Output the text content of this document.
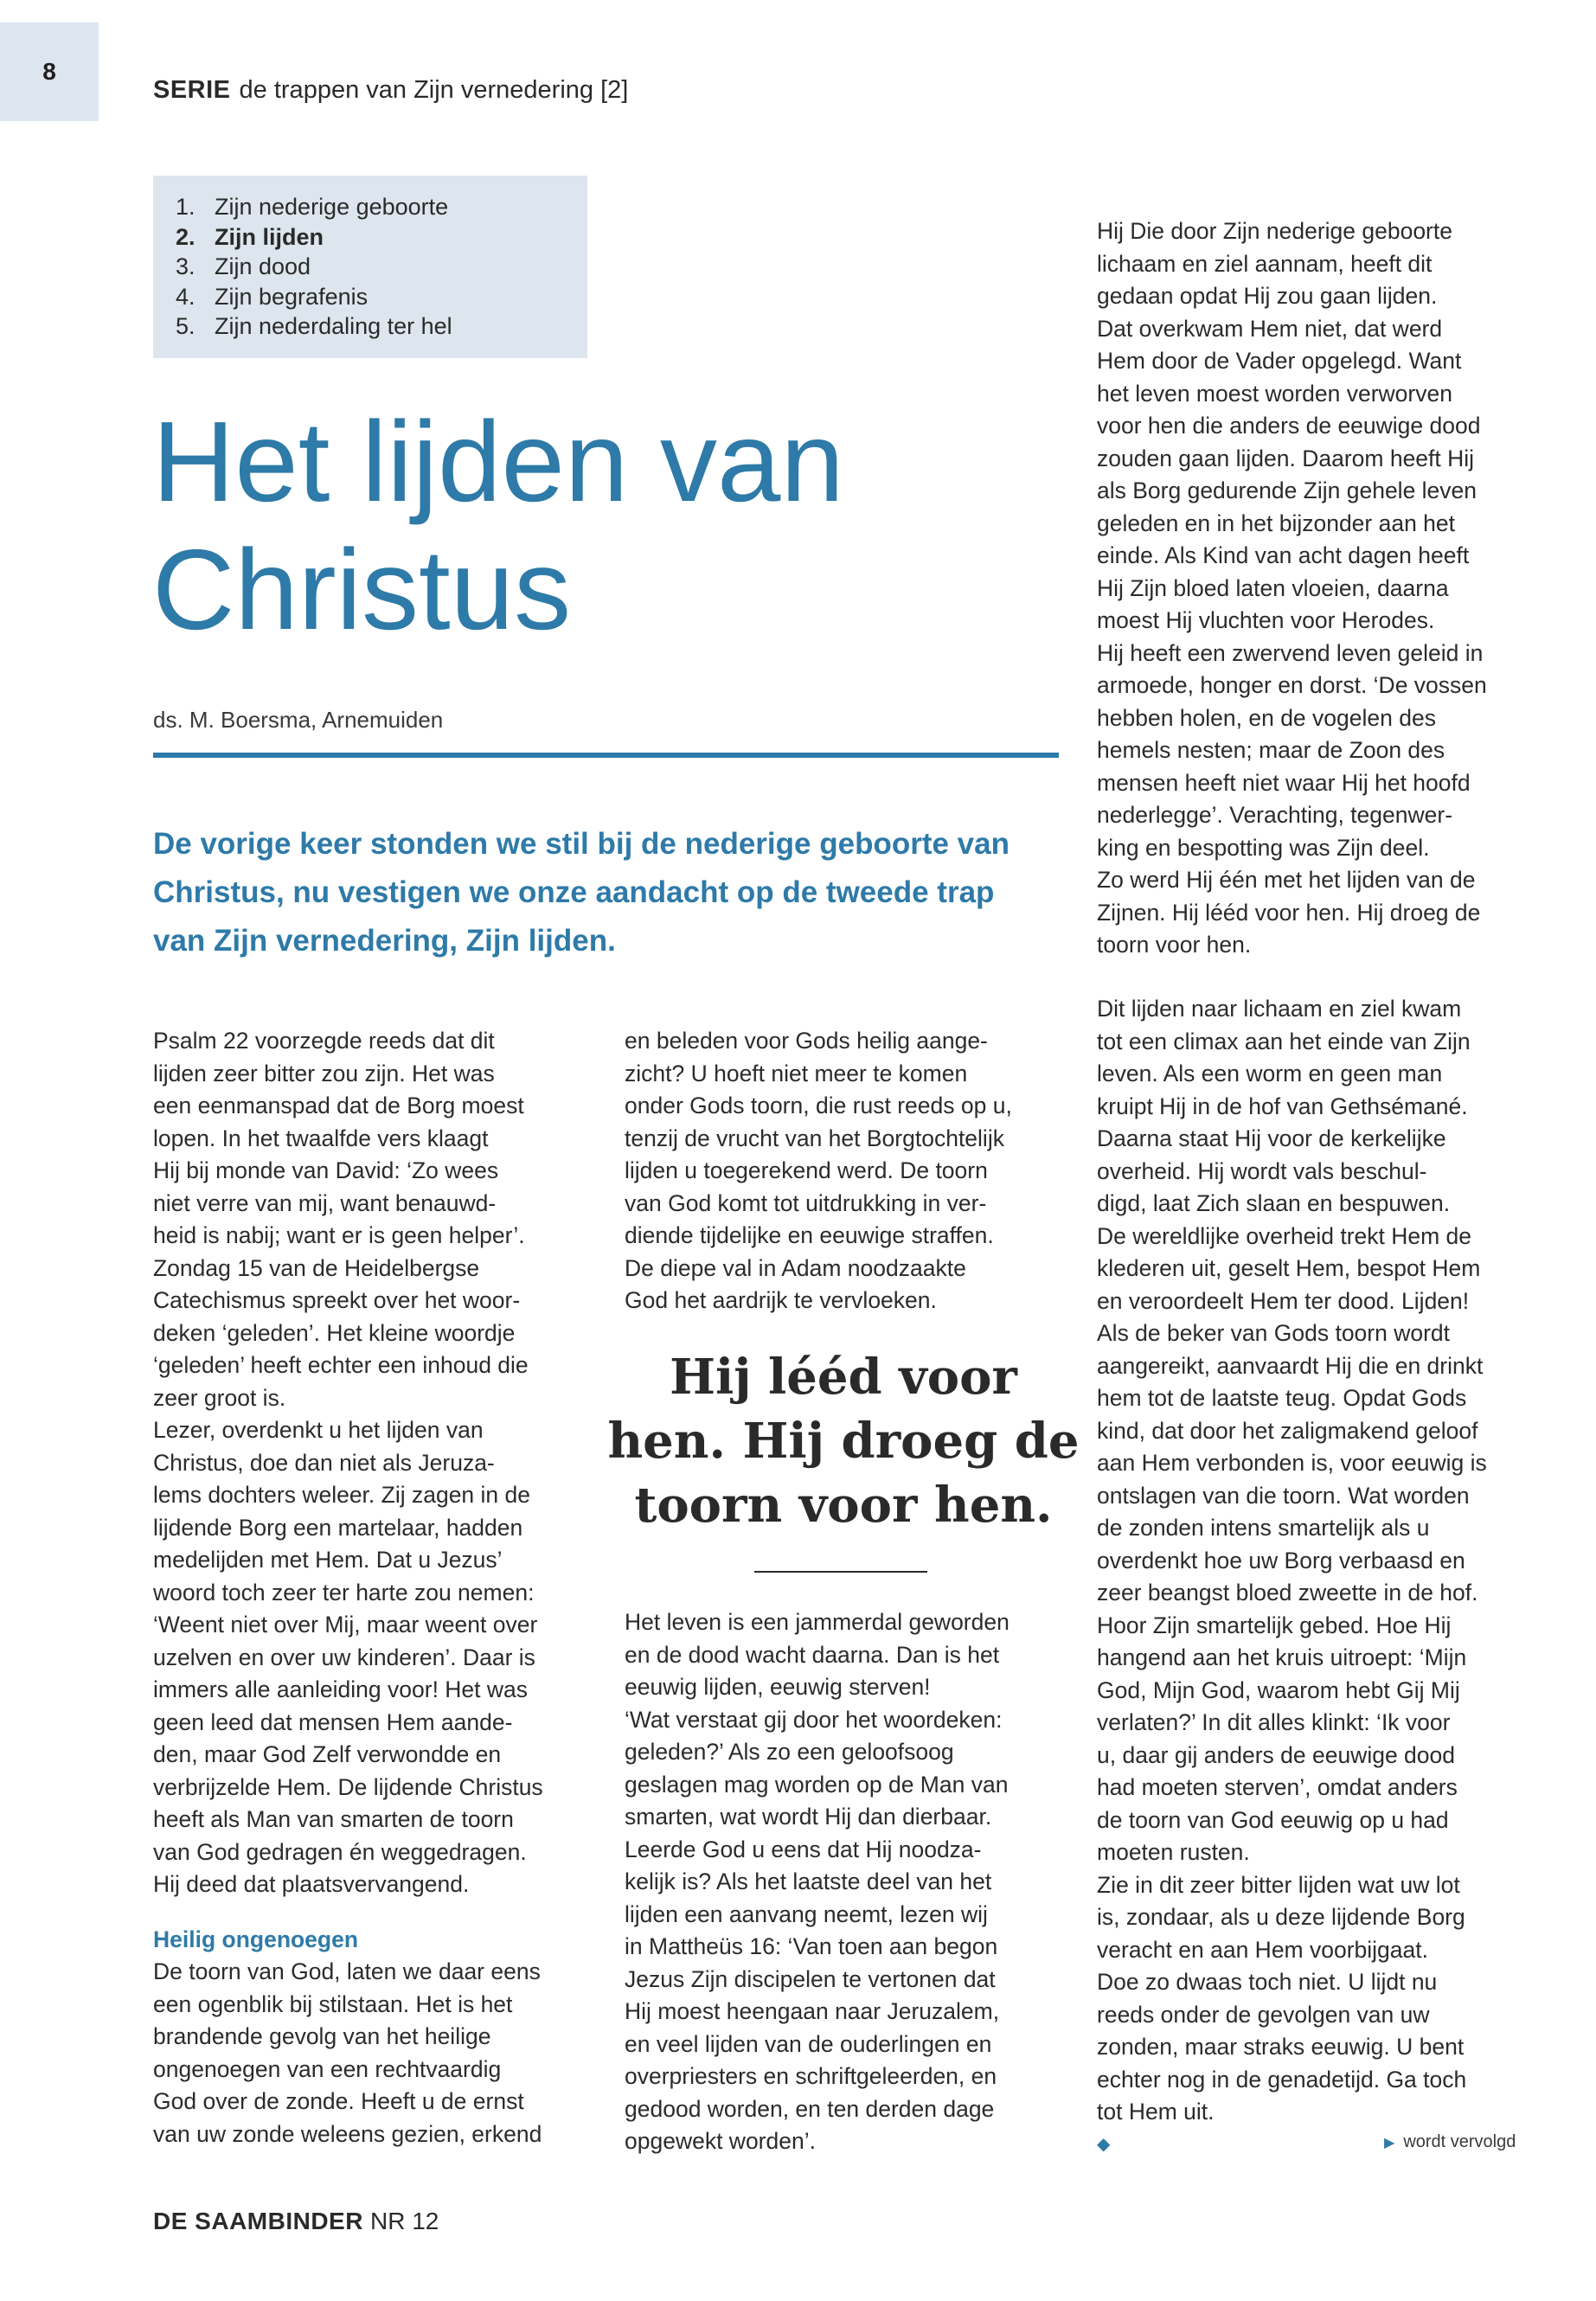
8
SERIE de trappen van Zijn vernedering [2]
1. Zijn nederige geboorte
2. Zijn lijden
3. Zijn dood
4. Zijn begrafenis
5. Zijn nederdaling ter hel
Het lijden van
Christus
ds. M. Boersma, Arnemuiden
De vorige keer stonden we stil bij de nederige geboorte van
Christus, nu vestigen we onze aandacht op de tweede trap
van Zijn vernedering, Zijn lijden.
Psalm 22 voorzegde reeds dat dit
lijden zeer bitter zou zijn. Het was
een eenmanspad dat de Borg moest
lopen. In het twaalfde vers klaagt
Hij bij monde van David: ‘Zo wees
niet verre van mij, want benauwd-
heid is nabij; want er is geen helper’.
Zondag 15 van de Heidelbergse
Catechismus spreekt over het woor-
deken ‘geleden’. Het kleine woordje
‘geleden’ heeft echter een inhoud die
zeer groot is.
Lezer, overdenkt u het lijden van
Christus, doe dan niet als Jeruza-
lems dochters weleer. Zij zagen in de
lijdende Borg een martelaar, hadden
medelijden met Hem. Dat u Jezus’
woord toch zeer ter harte zou nemen:
‘Weent niet over Mij, maar weent over
uzelven en over uw kinderen’. Daar is
immers alle aanleiding voor! Het was
geen leed dat mensen Hem aande-
den, maar God Zelf verwondde en
verbrijzelde Hem. De lijdende Christus
heeft als Man van smarten de toorn
van God gedragen én weggedragen.
Hij deed dat plaatsvervangend.
Heilig ongenoegen
De toorn van God, laten we daar eens
een ogenblik bij stilstaan. Het is het
brandende gevolg van het heilige
ongenoegen van een rechtvaardig
God over de zonde. Heeft u de ernst
van uw zonde weleens gezien, erkend
en beleden voor Gods heilig aange-
zicht? U hoeft niet meer te komen
onder Gods toorn, die rust reeds op u,
tenzij de vrucht van het Borgtochtelijk
lijden u toegerekend werd. De toorn
van God komt tot uitdrukking in ver-
diende tijdelijke en eeuwige straffen.
De diepe val in Adam noodzaakte
God het aardrijk te vervloeken.
Hij lééd voor
hen. Hij droeg de
toorn voor hen.
Het leven is een jammerdal geworden
en de dood wacht daarna. Dan is het
eeuwig lijden, eeuwig sterven!
‘Wat verstaat gij door het woordeken:
geleden?’ Als zo een geloofsoog
geslagen mag worden op de Man van
smarten, wat wordt Hij dan dierbaar.
Leerde God u eens dat Hij noodza-
kelijk is? Als het laatste deel van het
lijden een aanvang neemt, lezen wij
in Mattheüs 16: ‘Van toen aan begon
Jezus Zijn discipelen te vertonen dat
Hij moest heengaan naar Jeruzalem,
en veel lijden van de ouderlingen en
overpriesters en schriftgeleerden, en
gedood worden, en ten derden dage
opgewekt worden’.
Hij Die door Zijn nederige geboorte
lichaam en ziel aannam, heeft dit
gedaan opdat Hij zou gaan lijden.
Dat overkwam Hem niet, dat werd
Hem door de Vader opgelegd. Want
het leven moest worden verworven
voor hen die anders de eeuwige dood
zouden gaan lijden. Daarom heeft Hij
als Borg gedurende Zijn gehele leven
geleden en in het bijzonder aan het
einde. Als Kind van acht dagen heeft
Hij Zijn bloed laten vloeien, daarna
moest Hij vluchten voor Herodes.
Hij heeft een zwervend leven geleid in
armoede, honger en dorst. ‘De vossen
hebben holen, en de vogelen des
hemels nesten; maar de Zoon des
mensen heeft niet waar Hij het hoofd
nederlegge’. Verachting, tegenwer-
king en bespotting was Zijn deel.
Zo werd Hij één met het lijden van de
Zijnen. Hij lééd voor hen. Hij droeg de
toorn voor hen.
Dit lijden naar lichaam en ziel kwam
tot een climax aan het einde van Zijn
leven. Als een worm en geen man
kruipt Hij in de hof van Gethsémané.
Daarna staat Hij voor de kerkelijke
overheid. Hij wordt vals beschul-
digd, laat Zich slaan en bespuwen.
De wereldlijke overheid trekt Hem de
klederen uit, geselt Hem, bespot Hem
en veroordeelt Hem ter dood. Lijden!
Als de beker van Gods toorn wordt
aangereikt, aanvaardt Hij die en drinkt
hem tot de laatste teug. Opdat Gods
kind, dat door het zaligmakend geloof
aan Hem verbonden is, voor eeuwig is
ontslagen van die toorn. Wat worden
de zonden intens smartelijk als u
overdenkt hoe uw Borg verbaasd en
zeer beangst bloed zweette in de hof.
Hoor Zijn smartelijk gebed. Hoe Hij
hangend aan het kruis uitroept: ‘Mijn
God, Mijn God, waarom hebt Gij Mij
verlaten?’ In dit alles klinkt: ‘Ik voor
u, daar gij anders de eeuwige dood
had moeten sterven’, omdat anders
de toorn van God eeuwig op u had
moeten rusten.
Zie in dit zeer bitter lijden wat uw lot
is, zondaar, als u deze lijdende Borg
veracht en aan Hem voorbijgaat.
Doe zo dwaas toch niet. U lijdt nu
reeds onder de gevolgen van uw
zonden, maar straks eeuwig. U bent
echter nog in de genadetijd. Ga toch
tot Hem uit.
◆	▶ wordt vervolgd
DE SAAMBINDER NR 12
